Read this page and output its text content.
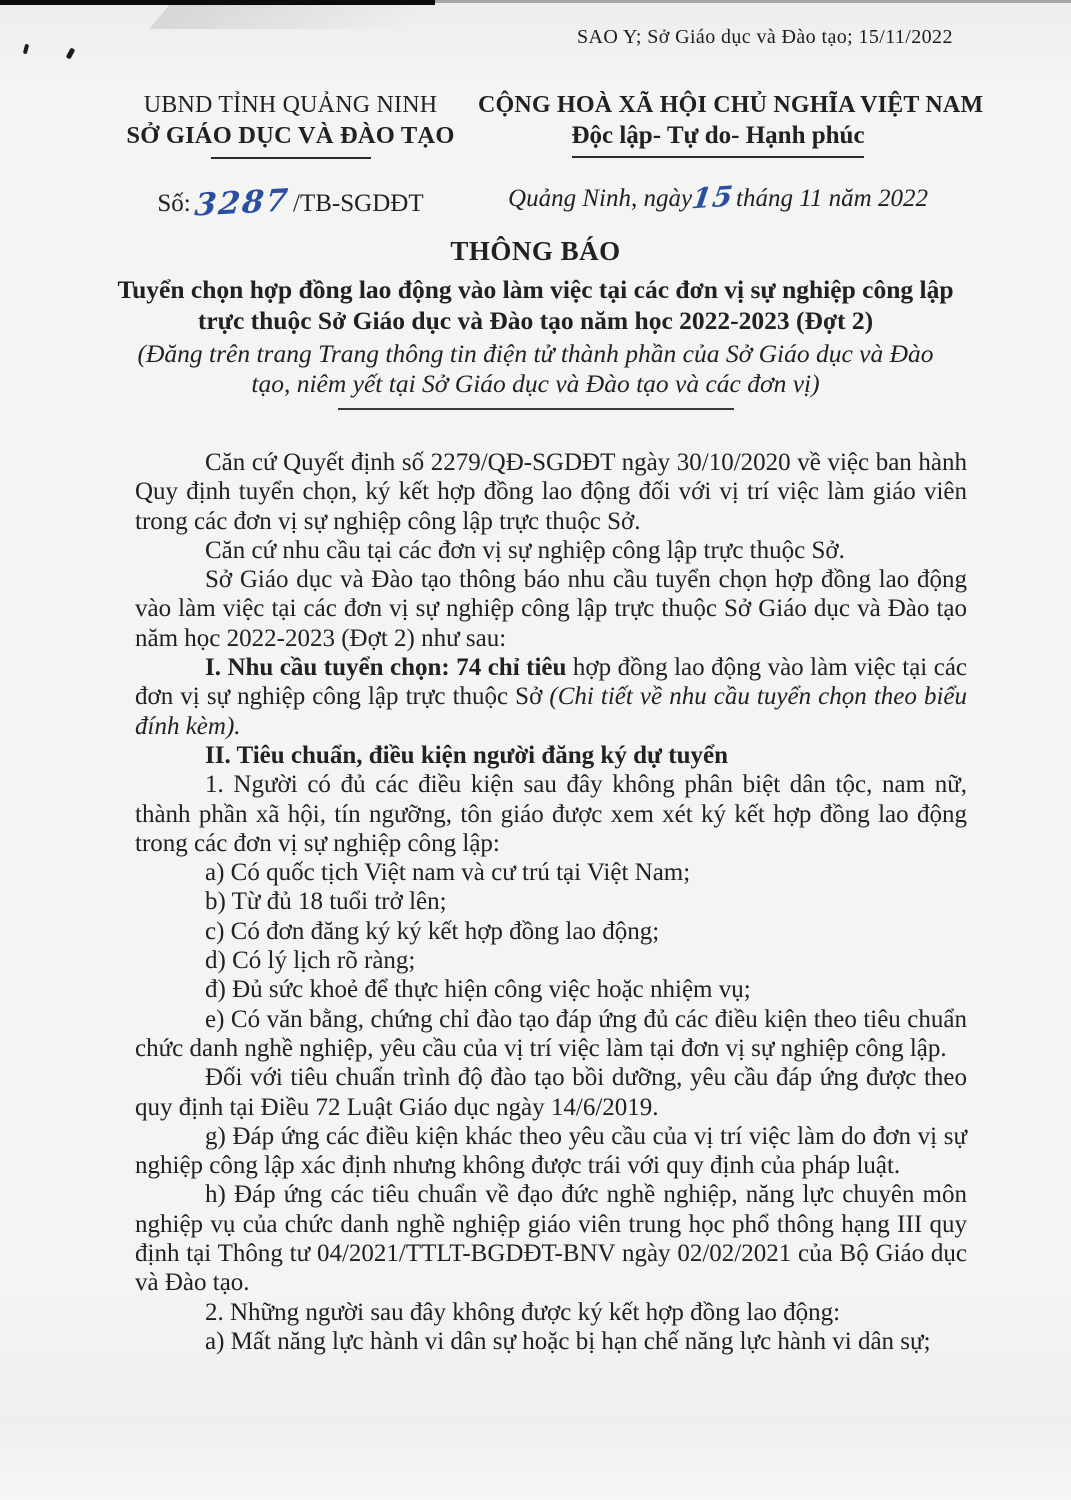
SAO Y; Sở Giáo dục và Đào tạo; 15/11/2022
UBND TỈNH QUẢNG NINH
SỞ GIÁO DỤC VÀ ĐÀO TẠO
Số:3287/TB-SGDĐT
CỘNG HOÀ XÃ HỘI CHỦ NGHĨA VIỆT NAM
Độc lập- Tự do- Hạnh phúc
Quảng Ninh, ngày15tháng 11 năm 2022
THÔNG BÁO
Tuyển chọn hợp đồng lao động vào làm việc tại các đơn vị sự nghiệp công lập trực thuộc Sở Giáo dục và Đào tạo năm học 2022-2023 (Đợt 2)
(Đăng trên trang Trang thông tin điện tử thành phần của Sở Giáo dục và Đào tạo, niêm yết tại Sở Giáo dục và Đào tạo và các đơn vị)

Căn cứ Quyết định số 2279/QĐ-SGDĐT ngày 30/10/2020 về việc ban hành Quy định tuyển chọn, ký kết hợp đồng lao động đối với vị trí việc làm giáo viên trong các đơn vị sự nghiệp công lập trực thuộc Sở.

Căn cứ nhu cầu tại các đơn vị sự nghiệp công lập trực thuộc Sở.

Sở Giáo dục và Đào tạo thông báo nhu cầu tuyển chọn hợp đồng lao động vào làm việc tại các đơn vị sự nghiệp công lập trực thuộc Sở Giáo dục và Đào tạo năm học 2022-2023 (Đợt 2) như sau:

I. Nhu cầu tuyển chọn: 74 chỉ tiêu hợp đồng lao động vào làm việc tại các đơn vị sự nghiệp công lập trực thuộc Sở (Chi tiết về nhu cầu tuyển chọn theo biểu đính kèm).

II. Tiêu chuẩn, điều kiện người đăng ký dự tuyển

1. Người có đủ các điều kiện sau đây không phân biệt dân tộc, nam nữ, thành phần xã hội, tín ngưỡng, tôn giáo được xem xét ký kết hợp đồng lao động trong các đơn vị sự nghiệp công lập:

a) Có quốc tịch Việt nam và cư trú tại Việt Nam;

b) Từ đủ 18 tuổi trở lên;

c) Có đơn đăng ký ký kết hợp đồng lao động;

d) Có lý lịch rõ ràng;

đ) Đủ sức khoẻ để thực hiện công việc hoặc nhiệm vụ;

e) Có văn bằng, chứng chỉ đào tạo đáp ứng đủ các điều kiện theo tiêu chuẩn chức danh nghề nghiệp, yêu cầu của vị trí việc làm tại đơn vị sự nghiệp công lập.

Đối với tiêu chuẩn trình độ đào tạo bồi dưỡng, yêu cầu đáp ứng được theo quy định tại Điều 72 Luật Giáo dục ngày 14/6/2019.

g) Đáp ứng các điều kiện khác theo yêu cầu của vị trí việc làm do đơn vị sự nghiệp công lập xác định nhưng không được trái với quy định của pháp luật.

h) Đáp ứng các tiêu chuẩn về đạo đức nghề nghiệp, năng lực chuyên môn nghiệp vụ của chức danh nghề nghiệp giáo viên trung học phổ thông hạng III quy định tại Thông tư 04/2021/TTLT-BGDĐT-BNV ngày 02/02/2021 của Bộ Giáo dục và Đào tạo.

2. Những người sau đây không được ký kết hợp đồng lao động:

a) Mất năng lực hành vi dân sự hoặc bị hạn chế năng lực hành vi dân sự;
